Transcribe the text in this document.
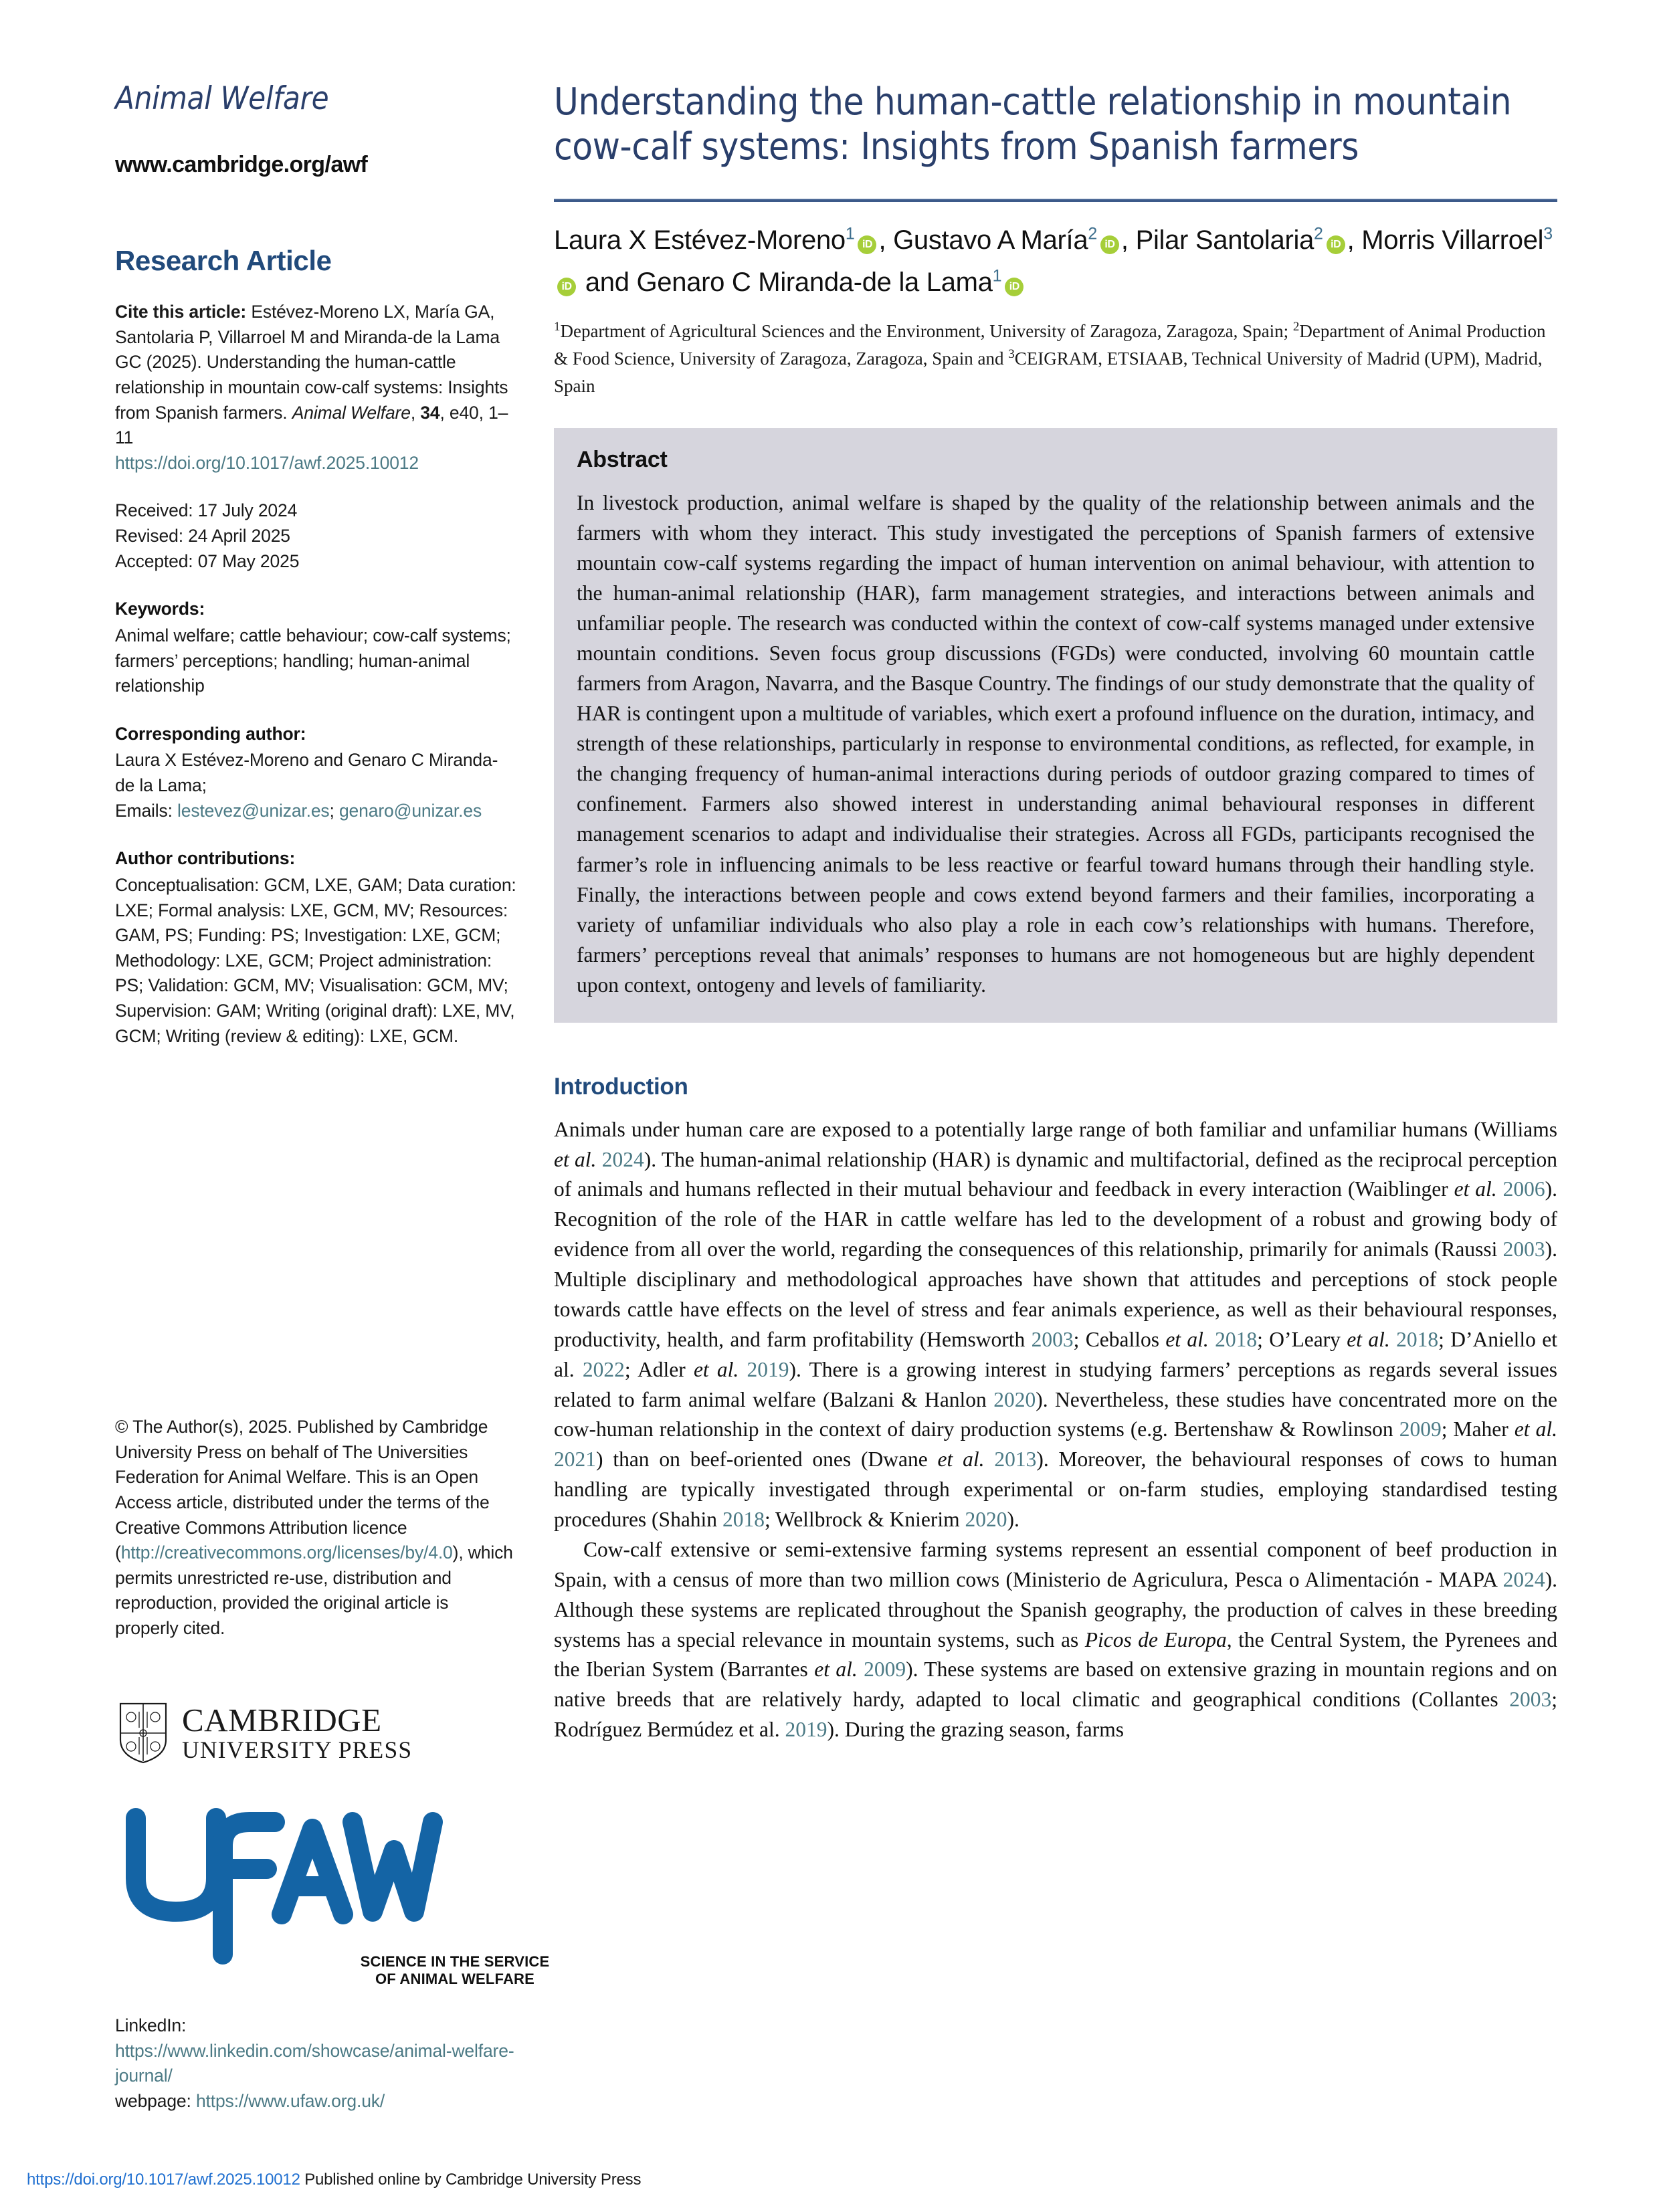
Animal Welfare
www.cambridge.org/awf
Research Article
Cite this article: Estévez-Moreno LX, María GA, Santolaria P, Villarroel M and Miranda-de la Lama GC (2025). Understanding the human-cattle relationship in mountain cow-calf systems: Insights from Spanish farmers. Animal Welfare, 34, e40, 1–11
https://doi.org/10.1017/awf.2025.10012
Received: 17 July 2024
Revised: 24 April 2025
Accepted: 07 May 2025
Keywords:
Animal welfare; cattle behaviour; cow-calf systems; farmers’ perceptions; handling; human-animal relationship
Corresponding author:
Laura X Estévez-Moreno and Genaro C Miranda-de la Lama;
Emails: lestevez@unizar.es; genaro@unizar.es
Author contributions:
Conceptualisation: GCM, LXE, GAM; Data curation: LXE; Formal analysis: LXE, GCM, MV; Resources: GAM, PS; Funding: PS; Investigation: LXE, GCM; Methodology: LXE, GCM; Project administration: PS; Validation: GCM, MV; Visualisation: GCM, MV; Supervision: GAM; Writing (original draft): LXE, MV, GCM; Writing (review & editing): LXE, GCM.
© The Author(s), 2025. Published by Cambridge University Press on behalf of The Universities Federation for Animal Welfare. This is an Open Access article, distributed under the terms of the Creative Commons Attribution licence (http://creativecommons.org/licenses/by/4.0), which permits unrestricted re-use, distribution and reproduction, provided the original article is properly cited.
CAMBRIDGE
UNIVERSITY PRESS
SCIENCE IN THE SERVICE
OF ANIMAL WELFARE
LinkedIn: https://www.linkedin.com/showcase/animal-welfare-journal/
webpage: https://www.ufaw.org.uk/
Understanding the human-cattle relationship in mountain cow-calf systems: Insights from Spanish farmers
Laura X Estévez-Moreno$^1$iD , Gustavo A María$^2$iD , Pilar Santolaria$^2$iD , Morris Villarroel$^3$iD and Genaro C Miranda-de la Lama$^1$iD
$^1$Department of Agricultural Sciences and the Environment, University of Zaragoza, Zaragoza, Spain; $^2$Department of Animal Production & Food Science, University of Zaragoza, Zaragoza, Spain and $^3$CEIGRAM, ETSIAAB, Technical University of Madrid (UPM), Madrid, Spain
Abstract
In livestock production, animal welfare is shaped by the quality of the relationship between animals and the farmers with whom they interact. This study investigated the perceptions of Spanish farmers of extensive mountain cow-calf systems regarding the impact of human intervention on animal behaviour, with attention to the human-animal relationship (HAR), farm management strategies, and interactions between animals and unfamiliar people. The research was conducted within the context of cow-calf systems managed under extensive mountain conditions. Seven focus group discussions (FGDs) were conducted, involving 60 mountain cattle farmers from Aragon, Navarra, and the Basque Country. The findings of our study demonstrate that the quality of HAR is contingent upon a multitude of variables, which exert a profound influence on the duration, intimacy, and strength of these relationships, particularly in response to environmental conditions, as reflected, for example, in the changing frequency of human-animal interactions during periods of outdoor grazing compared to times of confinement. Farmers also showed interest in understanding animal behavioural responses in different management scenarios to adapt and individualise their strategies. Across all FGDs, participants recognised the farmer’s role in influencing animals to be less reactive or fearful toward humans through their handling style. Finally, the interactions between people and cows extend beyond farmers and their families, incorporating a variety of unfamiliar individuals who also play a role in each cow’s relationships with humans. Therefore, farmers’ perceptions reveal that animals’ responses to humans are not homogeneous but are highly dependent upon context, ontogeny and levels of familiarity.
Introduction

Animals under human care are exposed to a potentially large range of both familiar and unfamiliar humans (Williams et al. 2024). The human-animal relationship (HAR) is dynamic and multifactorial, defined as the reciprocal perception of animals and humans reflected in their mutual behaviour and feedback in every interaction (Waiblinger et al. 2006). Recognition of the role of the HAR in cattle welfare has led to the development of a robust and growing body of evidence from all over the world, regarding the consequences of this relationship, primarily for animals (Raussi 2003). Multiple disciplinary and methodological approaches have shown that attitudes and perceptions of stock people towards cattle have effects on the level of stress and fear animals experience, as well as their behavioural responses, productivity, health, and farm profitability (Hemsworth 2003; Ceballos et al. 2018; O’Leary et al. 2018; D’Aniello et al. 2022; Adler et al. 2019). There is a growing interest in studying farmers’ perceptions as regards several issues related to farm animal welfare (Balzani & Hanlon 2020). Nevertheless, these studies have concentrated more on the cow-human relationship in the context of dairy production systems (e.g. Bertenshaw & Rowlinson 2009; Maher et al. 2021) than on beef-oriented ones (Dwane et al. 2013). Moreover, the behavioural responses of cows to human handling are typically investigated through experimental or on-farm studies, employing standardised testing procedures (Shahin 2018; Wellbrock & Knierim 2020).

Cow-calf extensive or semi-extensive farming systems represent an essential component of beef production in Spain, with a census of more than two million cows (Ministerio de Agriculura, Pesca o Alimentación - MAPA 2024). Although these systems are replicated throughout the Spanish geography, the production of calves in these breeding systems has a special relevance in mountain systems, such as Picos de Europa, the Central System, the Pyrenees and the Iberian System (Barrantes et al. 2009). These systems are based on extensive grazing in mountain regions and on native breeds that are relatively hardy, adapted to local climatic and geographical conditions (Collantes 2003; Rodríguez Bermúdez et al. 2019). During the grazing season, farms

https://doi.org/10.1017/awf.2025.10012 Published online by Cambridge University Press
